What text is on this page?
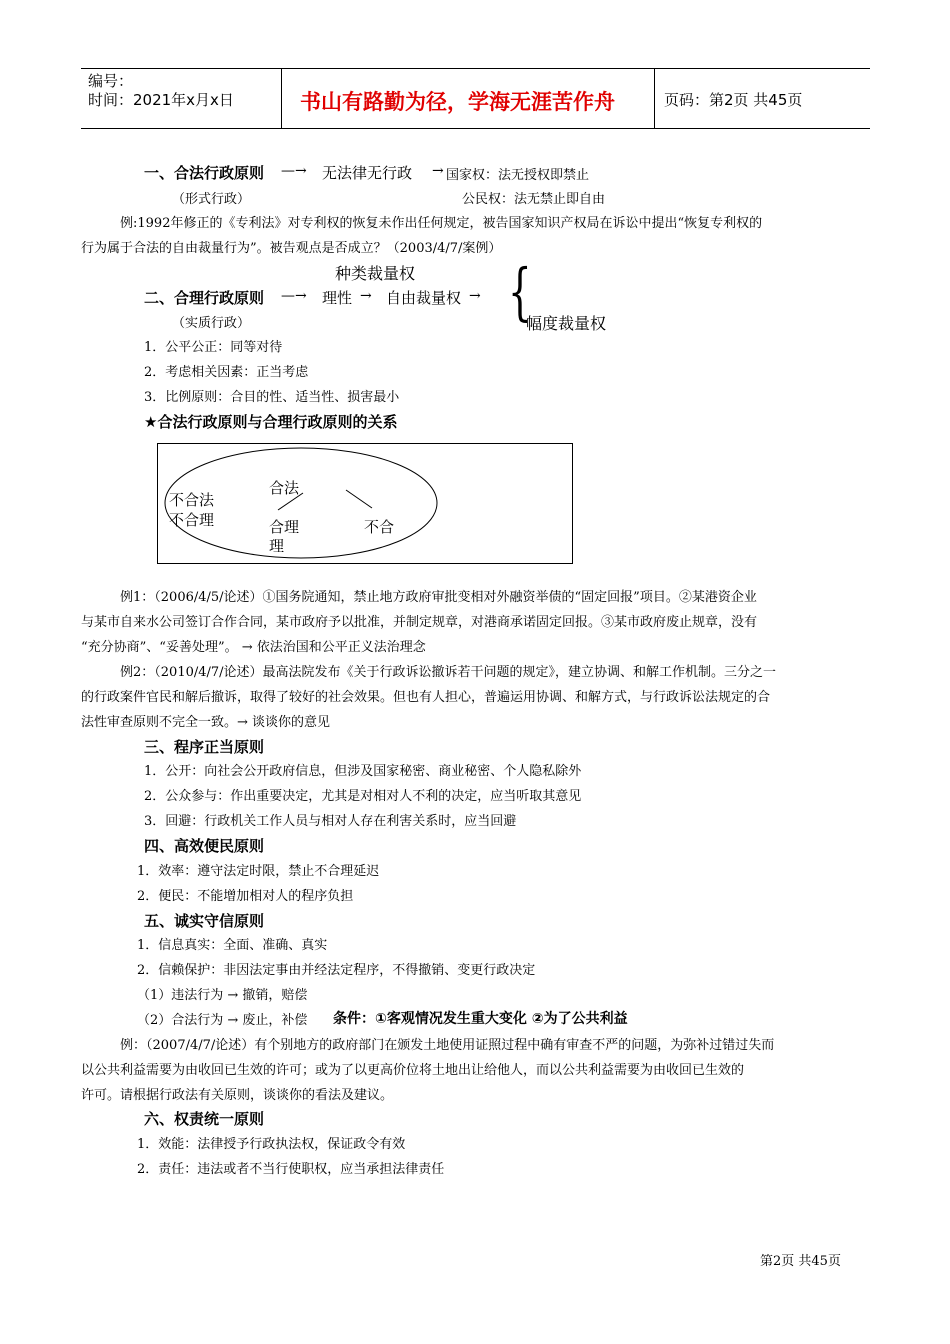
编号：
时间：2021年x月x日	书山有路勤为径，学海无涯苦作舟	页码：第2页 共45页
一、合法行政原则 —→ 无法律无行政 → 国家权：法无授权即禁止
（形式行政）	公民权：法无禁止即自由
例:1992年修正的《专利法》对专利权的恢复未作出任何规定，被告国家知识产权局在诉讼中提出“恢复专利权的
行为属于合法的自由裁量行为”。被告观点是否成立？（2003/4/7/案例）
种类裁量权
二、合理行政原则 —→ 理性 → 自由裁量权 → {
幅度裁量权
（实质行政）
1．公平公正：同等对待
2．考虑相关因素：正当考虑
3．比例原则：合目的性、适当性、损害最小
★合法行政原则与合理行政原则的关系
不合法
不合理
合法
合理
理
不合
例1：（2006/4/5/论述）①国务院通知，禁止地方政府审批变相对外融资举债的“固定回报”项目。②某港资企业
与某市自来水公司签订合作合同，某市政府予以批准，并制定规章，对港商承诺固定回报。③某市政府废止规章，没有
“充分协商”、“妥善处理”。 → 依法治国和公平正义法治理念
例2：（2010/4/7/论述）最高法院发布《关于行政诉讼撤诉若干问题的规定》，建立协调、和解工作机制。三分之一
的行政案件官民和解后撤诉，取得了较好的社会效果。但也有人担心，普遍运用协调、和解方式，与行政诉讼法规定的合
法性审查原则不完全一致。→ 谈谈你的意见
三、程序正当原则
1．公开：向社会公开政府信息，但涉及国家秘密、商业秘密、个人隐私除外
2．公众参与：作出重要决定，尤其是对相对人不利的决定，应当听取其意见
3．回避：行政机关工作人员与相对人存在利害关系时，应当回避
四、高效便民原则
1．效率：遵守法定时限，禁止不合理延迟
2．便民：不能增加相对人的程序负担
五、诚实守信原则
1．信息真实：全面、准确、真实
2．信赖保护：非因法定事由并经法定程序，不得撤销、变更行政决定
（1）违法行为 → 撤销，赔偿
（2）合法行为 → 废止，补偿 条件：①客观情况发生重大变化 ②为了公共利益
例：（2007/4/7/论述）有个别地方的政府部门在颁发土地使用证照过程中确有审查不严的问题，为弥补过错过失而
以公共利益需要为由收回已生效的许可；或为了以更高价位将土地出让给他人，而以公共利益需要为由收回已生效的
许可。请根据行政法有关原则，谈谈你的看法及建议。
六、权责统一原则
1．效能：法律授予行政执法权，保证政令有效
2．责任：违法或者不当行使职权，应当承担法律责任
第2页 共45页
